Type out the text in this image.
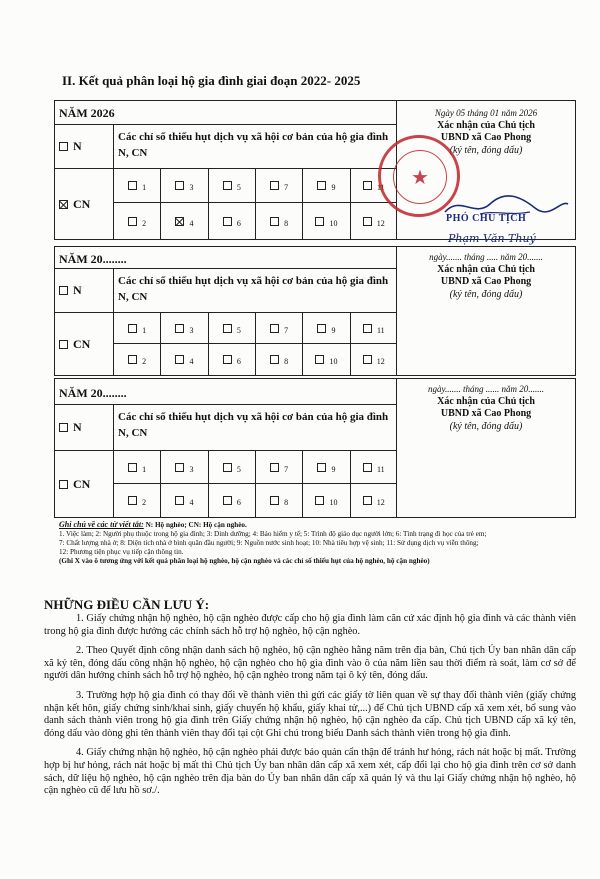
II. Kết quả phân loại hộ gia đình giai đoạn 2022- 2025
NĂM 2026
N
Các chỉ số thiếu hụt dịch vụ xã hội cơ bản của hộ gia đình N, CN
CN
1	3	5	7	9	11
2	4	6	8	10	12
Ngày 05 tháng 01 năm 2026
Xác nhận của Chủ tịch
UBND xã Cao Phong
(ký tên, đóng dấu)
★
PHÓ CHỦ TỊCH
Phạm Văn Thuý
NĂM 20........
N
Các chỉ số thiếu hụt dịch vụ xã hội cơ bản của hộ gia đình N, CN
CN
1	3	5	7	9	11
2	4	6	8	10	12
ngày....... tháng ..... năm 20.......
Xác nhận của Chủ tịch
UBND xã Cao Phong
(ký tên, đóng dấu)
NĂM 20........
N
Các chỉ số thiếu hụt dịch vụ xã hội cơ bản của hộ gia đình N, CN
CN
1	3	5	7	9	11
2	4	6	8	10	12
ngày....... tháng ...... năm 20.......
Xác nhận của Chủ tịch
UBND xã Cao Phong
(ký tên, đóng dấu)
Ghi chú về các từ viết tắt: N: Hộ nghèo; CN: Hộ cận nghèo.
1. Việc làm; 2: Người phụ thuộc trong hộ gia đình; 3: Dinh dưỡng; 4: Bảo hiểm y tế; 5: Trình độ giáo dục người lớn; 6: Tình trạng đi học của trẻ em;
7: Chất lượng nhà ở; 8: Diện tích nhà ở bình quân đầu người; 9: Nguồn nước sinh hoạt; 10: Nhà tiêu hợp vệ sinh; 11: Sử dụng dịch vụ viễn thông;
12: Phương tiện phục vụ tiếp cận thông tin.
(Ghi X vào ô tương ứng với kết quả phân loại hộ nghèo, hộ cận nghèo và các chỉ số thiếu hụt của hộ nghèo, hộ cận nghèo)
NHỮNG ĐIỀU CẦN LƯU Ý:

1. Giấy chứng nhận hộ nghèo, hộ cận nghèo được cấp cho hộ gia đình làm căn cứ xác định hộ gia đình và các thành viên trong hộ gia đình được hưởng các chính sách hỗ trợ hộ nghèo, hộ cận nghèo.

2. Theo Quyết định công nhận danh sách hộ nghèo, hộ cận nghèo hằng năm trên địa bàn, Chủ tịch Ủy ban nhân dân cấp xã ký tên, đóng dấu công nhận hộ nghèo, hộ cận nghèo cho hộ gia đình vào ô của năm liền sau thời điểm rà soát, làm cơ sở để người dân hưởng chính sách hỗ trợ hộ nghèo, hộ cận nghèo trong năm tại ô ký tên, đóng dấu.

3. Trường hợp hộ gia đình có thay đổi về thành viên thì gửi các giấy tờ liên quan về sự thay đổi thành viên (giấy chứng nhận kết hôn, giấy chứng sinh/khai sinh, giấy chuyển hộ khẩu, giấy khai tử,...) để Chủ tịch UBND cấp xã xem xét, bổ sung vào danh sách thành viên trong hộ gia đình trên Giấy chứng nhận hộ nghèo, hộ cận nghèo đa cấp. Chủ tịch UBND cấp xã ký tên, đóng dấu vào dòng ghi tên thành viên thay đổi tại cột Ghi chú trong biểu Danh sách thành viên trong hộ gia đình.

4. Giấy chứng nhận hộ nghèo, hộ cận nghèo phải được bảo quản cẩn thận để tránh hư hỏng, rách nát hoặc bị mất. Trường hợp bị hư hỏng, rách nát hoặc bị mất thì Chủ tịch Ủy ban nhân dân cấp xã xem xét, cấp đổi lại cho hộ gia đình trên cơ sở danh sách, dữ liệu hộ nghèo, hộ cận nghèo trên địa bàn do Ủy ban nhân dân cấp xã quản lý và thu lại Giấy chứng nhận hộ nghèo, hộ cận nghèo cũ để lưu hồ sơ./.
